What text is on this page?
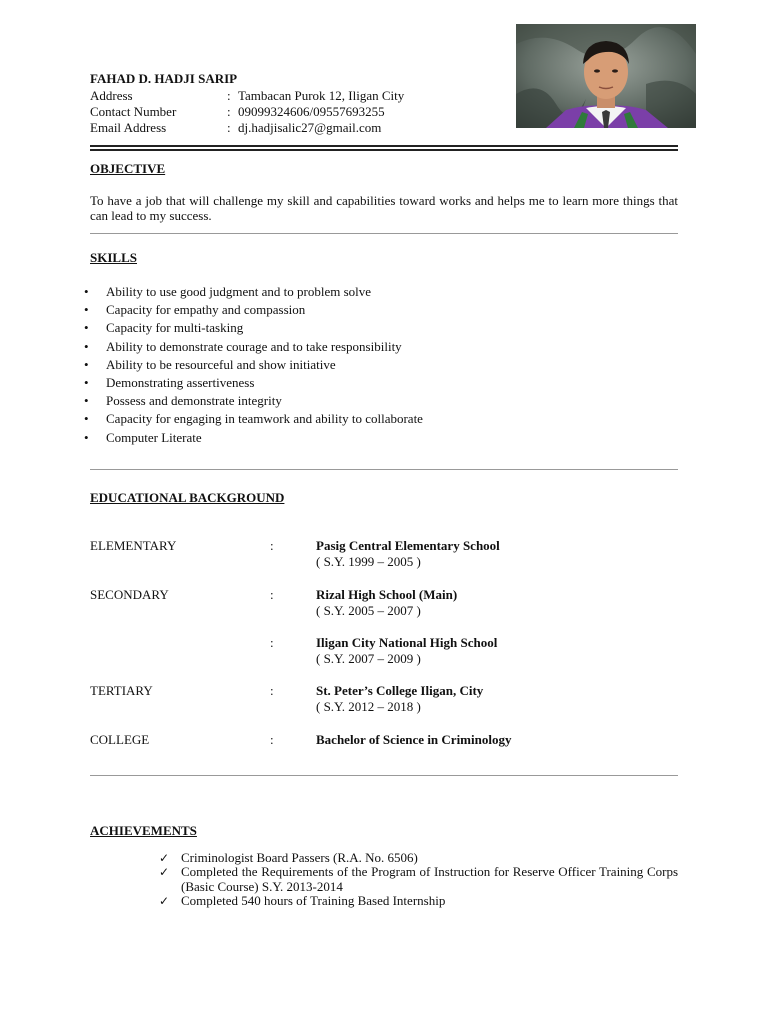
FAHAD D. HADJI SARIP
Address	: Tambacan Purok 12, Iligan City
Contact Number	: 09099324606/09557693255
Email Address	: dj.hadjisalic27@gmail.com
OBJECTIVE
To have a job that will challenge my skill and capabilities toward works and helps me to learn more things that can lead to my success.
SKILLS
• Ability to use good judgment and to problem solve
• Capacity for empathy and compassion
• Capacity for multi-tasking
• Ability to demonstrate courage and to take responsibility
• Ability to be resourceful and show initiative
• Demonstrating assertiveness
• Possess and demonstrate integrity
• Capacity for engaging in teamwork and ability to collaborate
• Computer Literate
EDUCATIONAL BACKGROUND
ELEMENTARY	:	Pasig Central Elementary School
( S.Y. 1999 – 2005 )
SECONDARY	:	Rizal High School (Main)
( S.Y. 2005 – 2007 )
:	Iligan City National High School
( S.Y. 2007 – 2009 )
TERTIARY	:	St. Peter’s College Iligan, City
( S.Y. 2012 – 2018 )
COLLEGE	:	Bachelor of Science in Criminology
ACHIEVEMENTS
✓ Criminologist Board Passers (R.A. No. 6506)
✓ Completed the Requirements of the Program of Instruction for Reserve Officer Training Corps (Basic Course) S.Y. 2013-2014
✓ Completed 540 hours of Training Based Internship
